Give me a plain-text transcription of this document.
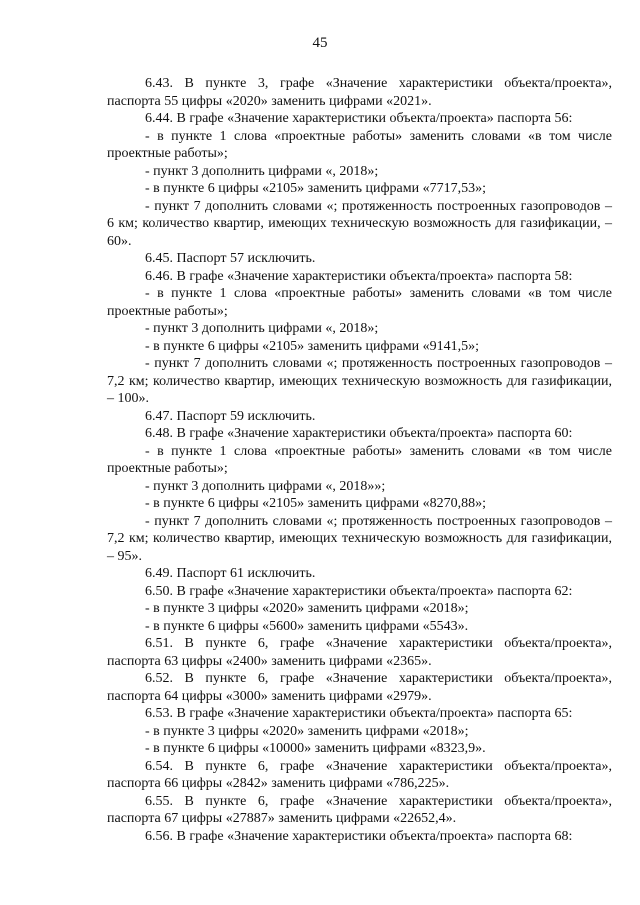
45

6.43. В пункте 3, графе «Значение характеристики объекта/проекта», паспорта 55 цифры «2020» заменить цифрами «2021».

6.44. В графе «Значение характеристики объекта/проекта» паспорта 56:

- в пункте 1 слова «проектные работы» заменить словами «в том числе проектные работы»;

- пункт 3 дополнить цифрами «, 2018»;

- в пункте 6 цифры «2105» заменить цифрами «7717,53»;

- пункт 7 дополнить словами «; протяженность построенных газопроводов – 6 км; количество квартир, имеющих техническую возможность для газификации, – 60».

6.45. Паспорт 57 исключить.

6.46. В графе «Значение характеристики объекта/проекта» паспорта 58:

- в пункте 1 слова «проектные работы» заменить словами «в том числе проектные работы»;

- пункт 3 дополнить цифрами «, 2018»;

- в пункте 6 цифры «2105» заменить цифрами «9141,5»;

- пункт 7 дополнить словами «; протяженность построенных газопроводов – 7,2 км; количество квартир, имеющих техническую возможность для газификации, – 100».

6.47. Паспорт 59 исключить.

6.48. В графе «Значение характеристики объекта/проекта» паспорта 60:

- в пункте 1 слова «проектные работы» заменить словами «в том числе проектные работы»;

- пункт 3 дополнить цифрами «, 2018»»;

- в пункте 6 цифры «2105» заменить цифрами «8270,88»;

- пункт 7 дополнить словами «; протяженность построенных газопроводов – 7,2 км; количество квартир, имеющих техническую возможность для газификации, – 95».

6.49. Паспорт 61 исключить.

6.50. В графе «Значение характеристики объекта/проекта» паспорта 62:

- в пункте 3 цифры «2020» заменить цифрами «2018»;

- в пункте 6 цифры «5600» заменить цифрами «5543».

6.51. В пункте 6, графе «Значение характеристики объекта/проекта», паспорта 63 цифры «2400» заменить цифрами «2365».

6.52. В пункте 6, графе «Значение характеристики объекта/проекта», паспорта 64 цифры «3000» заменить цифрами «2979».

6.53. В графе «Значение характеристики объекта/проекта» паспорта 65:

- в пункте 3 цифры «2020» заменить цифрами «2018»;

- в пункте 6 цифры «10000» заменить цифрами «8323,9».

6.54. В пункте 6, графе «Значение характеристики объекта/проекта», паспорта 66 цифры «2842» заменить цифрами «786,225».

6.55. В пункте 6, графе «Значение характеристики объекта/проекта», паспорта 67 цифры «27887» заменить цифрами «22652,4».

6.56. В графе «Значение характеристики объекта/проекта» паспорта 68:
